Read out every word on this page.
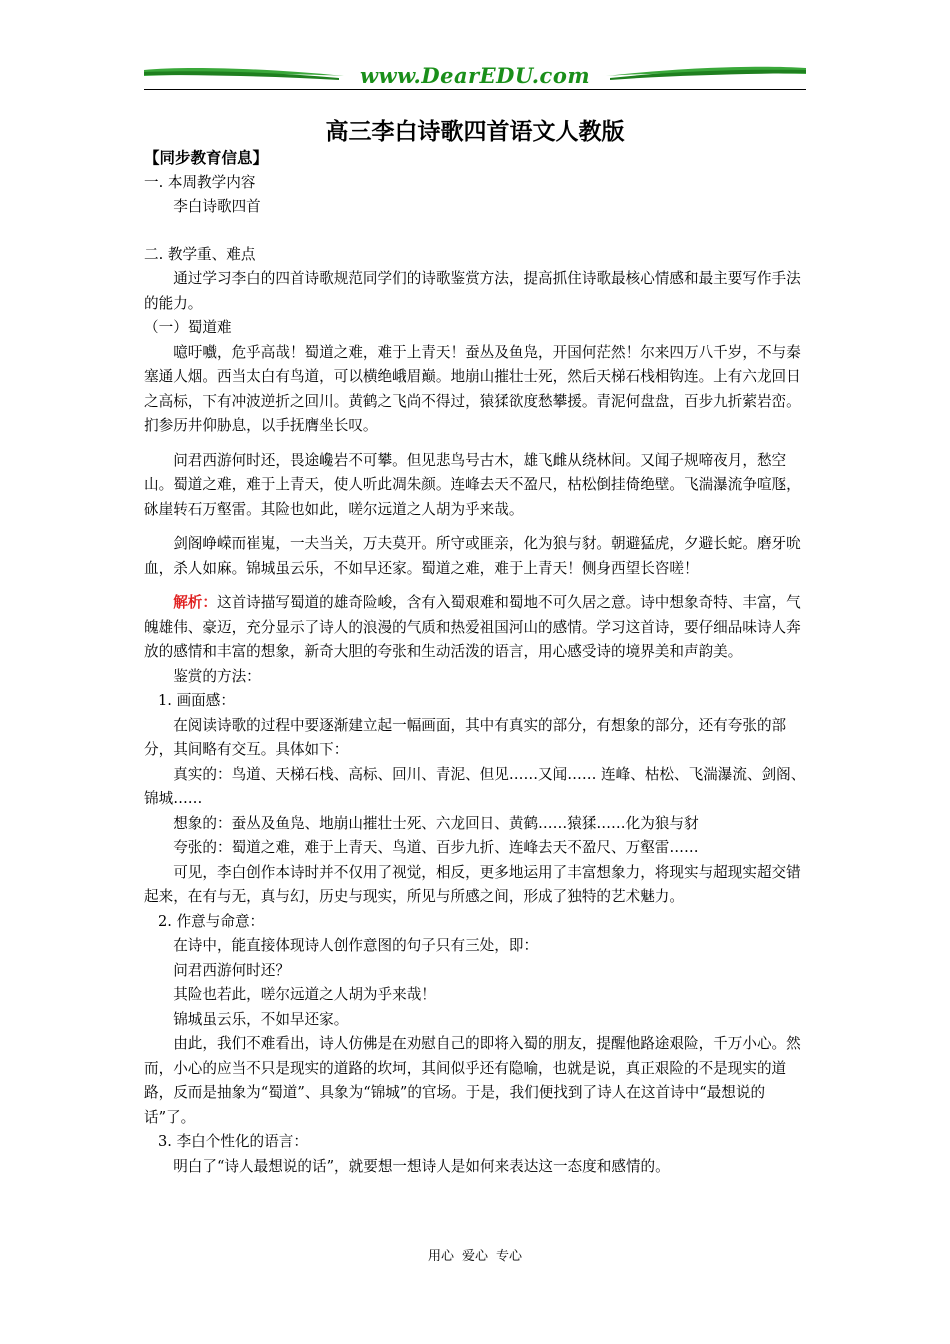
www.DearEDU.com
高三李白诗歌四首语文人教版

【同步教育信息】

一. 本周教学内容

李白诗歌四首

二. 教学重、难点

通过学习李白的四首诗歌规范同学们的诗歌鉴赏方法，提高抓住诗歌最核心情感和最主要写作手法的能力。

（一）蜀道难

噫吁嚱，危乎高哉！蜀道之难，难于上青天！蚕丛及鱼凫，开国何茫然！尔来四万八千岁，不与秦塞通人烟。西当太白有鸟道，可以横绝峨眉巅。地崩山摧壮士死，然后天梯石栈相钩连。上有六龙回日之高标，下有冲波逆折之回川。黄鹤之飞尚不得过，猿猱欲度愁攀援。青泥何盘盘，百步九折萦岩峦。扪参历井仰胁息，以手抚膺坐长叹。

问君西游何时还，畏途巉岩不可攀。但见悲鸟号古木，雄飞雌从绕林间。又闻子规啼夜月，愁空山。蜀道之难，难于上青天，使人听此凋朱颜。连峰去天不盈尺，枯松倒挂倚绝壁。飞湍瀑流争喧豗，砯崖转石万壑雷。其险也如此，嗟尔远道之人胡为乎来哉。

剑阁峥嵘而崔嵬，一夫当关，万夫莫开。所守或匪亲，化为狼与豺。朝避猛虎，夕避长蛇。磨牙吮血，杀人如麻。锦城虽云乐，不如早还家。蜀道之难，难于上青天！侧身西望长咨嗟！

解析：这首诗描写蜀道的雄奇险峻，含有入蜀艰难和蜀地不可久居之意。诗中想象奇特、丰富，气魄雄伟、豪迈，充分显示了诗人的浪漫的气质和热爱祖国河山的感情。学习这首诗，要仔细品味诗人奔放的感情和丰富的想象，新奇大胆的夸张和生动活泼的语言，用心感受诗的境界美和声韵美。

鉴赏的方法：

1. 画面感：

在阅读诗歌的过程中要逐渐建立起一幅画面，其中有真实的部分，有想象的部分，还有夸张的部分，其间略有交互。具体如下：

真实的：鸟道、天梯石栈、高标、回川、青泥、但见……又闻…… 连峰、枯松、飞湍瀑流、剑阁、锦城……

想象的：蚕丛及鱼凫、地崩山摧壮士死、六龙回日、黄鹤……猿猱……化为狼与豺

夸张的：蜀道之难，难于上青天、鸟道、百步九折、连峰去天不盈尺、万壑雷……

可见，李白创作本诗时并不仅用了视觉，相反，更多地运用了丰富想象力，将现实与超现实超交错起来，在有与无，真与幻，历史与现实，所见与所感之间，形成了独特的艺术魅力。

2. 作意与命意：

在诗中，能直接体现诗人创作意图的句子只有三处，即：

问君西游何时还？

其险也若此，嗟尔远道之人胡为乎来哉！

锦城虽云乐，不如早还家。

由此，我们不难看出，诗人仿佛是在劝慰自己的即将入蜀的朋友，提醒他路途艰险，千万小心。然而，小心的应当不只是现实的道路的坎坷，其间似乎还有隐喻，也就是说，真正艰险的不是现实的道路，反而是抽象为“蜀道”、具象为“锦城”的官场。于是，我们便找到了诗人在这首诗中“最想说的话”了。

3. 李白个性化的语言：

明白了“诗人最想说的话”，就要想一想诗人是如何来表达这一态度和感情的。

用心 爱心 专心
